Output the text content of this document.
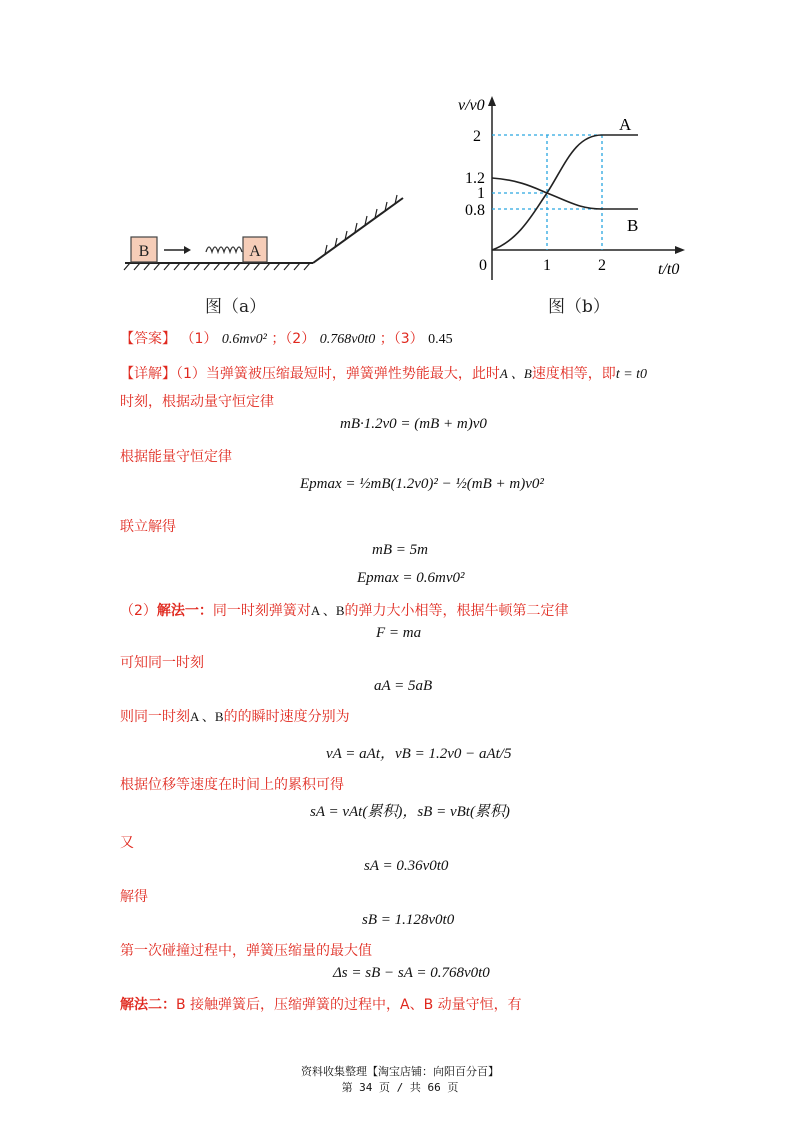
B	A
图（a）
v/v0
t/t0
2
1.2
1
0.8
0	1	2
A
B
图（b）
【答案】 （1） 0.6mv0² ；（2） 0.768v0t0 ；（3） 0.45
【详解】（1）当弹簧被压缩最短时，弹簧弹性势能最大，此时A 、B速度相等，即t = t0
时刻，根据动量守恒定律
mB·1.2v0 = (mB + m)v0
根据能量守恒定律
Epmax = ½mB(1.2v0)² − ½(mB + m)v0²
联立解得
mB = 5m
Epmax = 0.6mv0²
（2）解法一：同一时刻弹簧对A 、B的弹力大小相等，根据牛顿第二定律
F = ma
可知同一时刻
aA = 5aB
则同一时刻A 、B的的瞬时速度分别为
vA = aAt，vB = 1.2v0 − aAt/5
根据位移等速度在时间上的累积可得
sA = vAt(累积)，sB = vBt(累积)
又
sA = 0.36v0t0
解得
sB = 1.128v0t0
第一次碰撞过程中，弹簧压缩量的最大值
Δs = sB − sA = 0.768v0t0
解法二：B 接触弹簧后，压缩弹簧的过程中，A、B 动量守恒，有
资料收集整理【淘宝店铺：向阳百分百】
第 34 页 / 共 66 页
